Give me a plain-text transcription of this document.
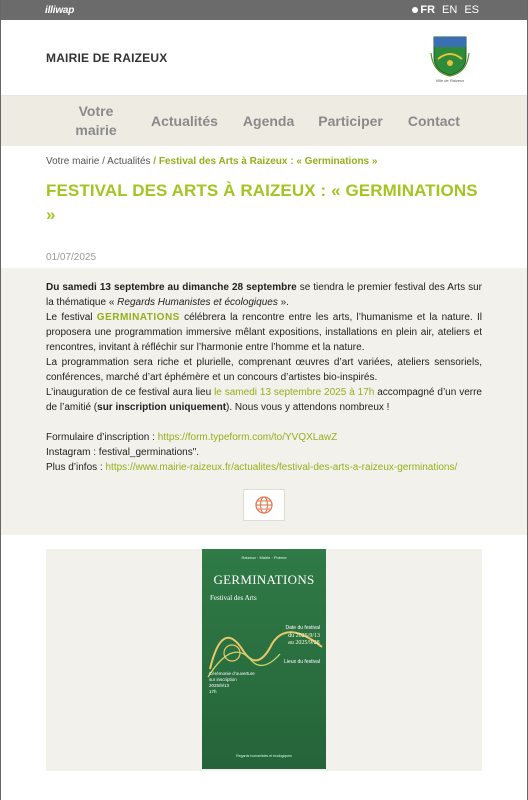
illiwap	FR EN ES
MAIRIE DE RAIZEUX
Ville de Raizeux
Votre mairie
Actualités Agenda Participer Contact
Votre mairie / Actualités / Festival des Arts à Raizeux : « Germinations »
FESTIVAL DES ARTS À RAIZEUX : « GERMINATIONS »
01/07/2025

Du samedi 13 septembre au dimanche 28 septembre se tiendra le premier festival des Arts sur la thématique « Regards Humanistes et écologiques ».

Le festival GERMINATIONS célébrera la rencontre entre les arts, l’humanisme et la nature. Il proposera une programmation immersive mêlant expositions, installations en plein air, ateliers et rencontres, invitant à réfléchir sur l’harmonie entre l’homme et la nature.

La programmation sera riche et plurielle, comprenant œuvres d’art variées, ateliers sensoriels, conférences, marché d’art éphémère et un concours d’artistes bio-inspirés.

L’inauguration de ce festival aura lieu le samedi 13 septembre 2025 à 17h accompagné d’un verre de l’amitié (sur inscription uniquement). Nous vous y attendons nombreux !

Formulaire d’inscription : https://form.typeform.com/to/YVQXLawZ

Instagram : festival_germinations".

Plus d’infos : https://www.mairie-raizeux.fr/actualites/festival-des-arts-a-raizeux-germinations/

Raizeux · Mairie · Poème
GERMINATIONS
Festival des Arts
Date du festival
du 2025/9/13
au 2025/9/28
Lieux du festival
Cérémonie d’ouverture
sur inscription
2025/9/13
17h
Regards humanistes et écologiques
